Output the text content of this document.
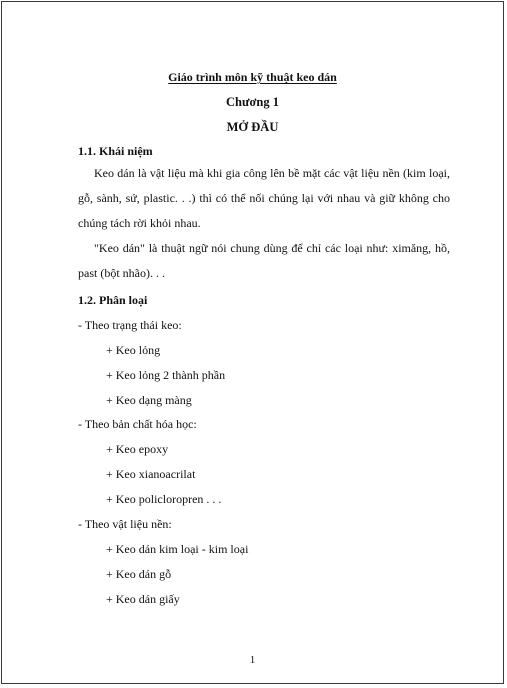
Giáo trình môn kỹ thuật keo dán
Chương 1
MỞ ĐẦU
1.1. Khái niệm
Keo dán là vật liệu mà khi gia công lên bề mặt các vật liệu nền (kim loại, gỗ, sành, sứ, plastic. . .) thì có thể nối chúng lại với nhau và giữ không cho chúng tách rời khỏi nhau.
"Keo dán" là thuật ngữ nói chung dùng để chỉ các loại như: ximăng, hồ, past (bột nhão). . .
1.2. Phân loại
- Theo trạng thái keo:
+ Keo lỏng
+ Keo lỏng 2 thành phần
+ Keo dạng màng
- Theo bản chất hóa học:
+ Keo epoxy
+ Keo xianoacrilat
+ Keo policloropren . . .
- Theo vật liệu nền:
+ Keo dán kim loại - kim loại
+ Keo dán gỗ
+ Keo dán giấy
1
